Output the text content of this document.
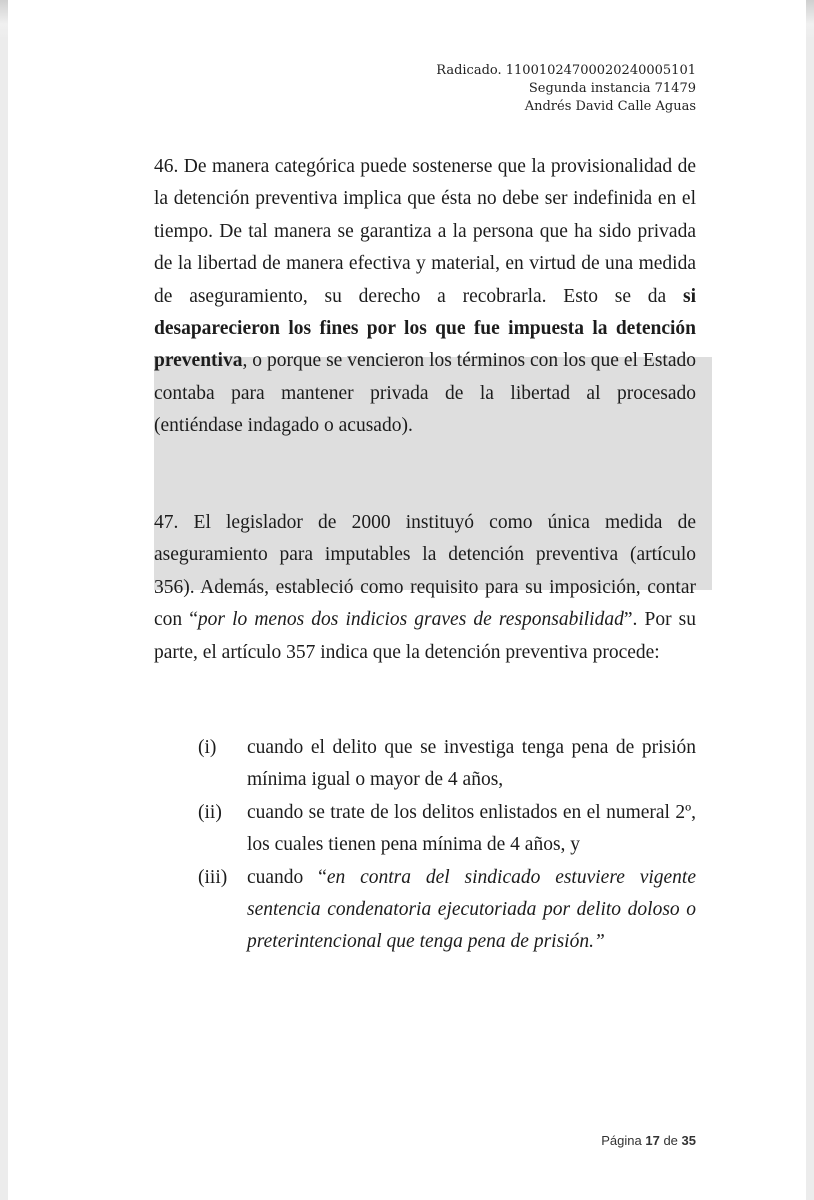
Radicado. 11001024700020240005101
Segunda instancia 71479
Andrés David Calle Aguas

46. De manera categórica puede sostenerse que la provisionalidad de la detención preventiva implica que ésta no debe ser indefinida en el tiempo. De tal manera se garantiza a la persona que ha sido privada de la libertad de manera efectiva y material, en virtud de una medida de aseguramiento, su derecho a recobrarla. Esto se da si desaparecieron los fines por los que fue impuesta la detención preventiva, o porque se vencieron los términos con los que el Estado contaba para mantener privada de la libertad al procesado (entiéndase indagado o acusado).

47. El legislador de 2000 instituyó como única medida de aseguramiento para imputables la detención preventiva (artículo 356). Además, estableció como requisito para su imposición, contar con “por lo menos dos indicios graves de responsabilidad”. Por su parte, el artículo 357 indica que la detención preventiva procede:

(i) cuando el delito que se investiga tenga pena de prisión mínima igual o mayor de 4 años,
(ii) cuando se trate de los delitos enlistados en el numeral 2º, los cuales tienen pena mínima de 4 años, y
(iii) cuando “en contra del sindicado estuviere vigente sentencia condenatoria ejecutoriada por delito doloso o preterintencional que tenga pena de prisión.”
Página 17 de 35
